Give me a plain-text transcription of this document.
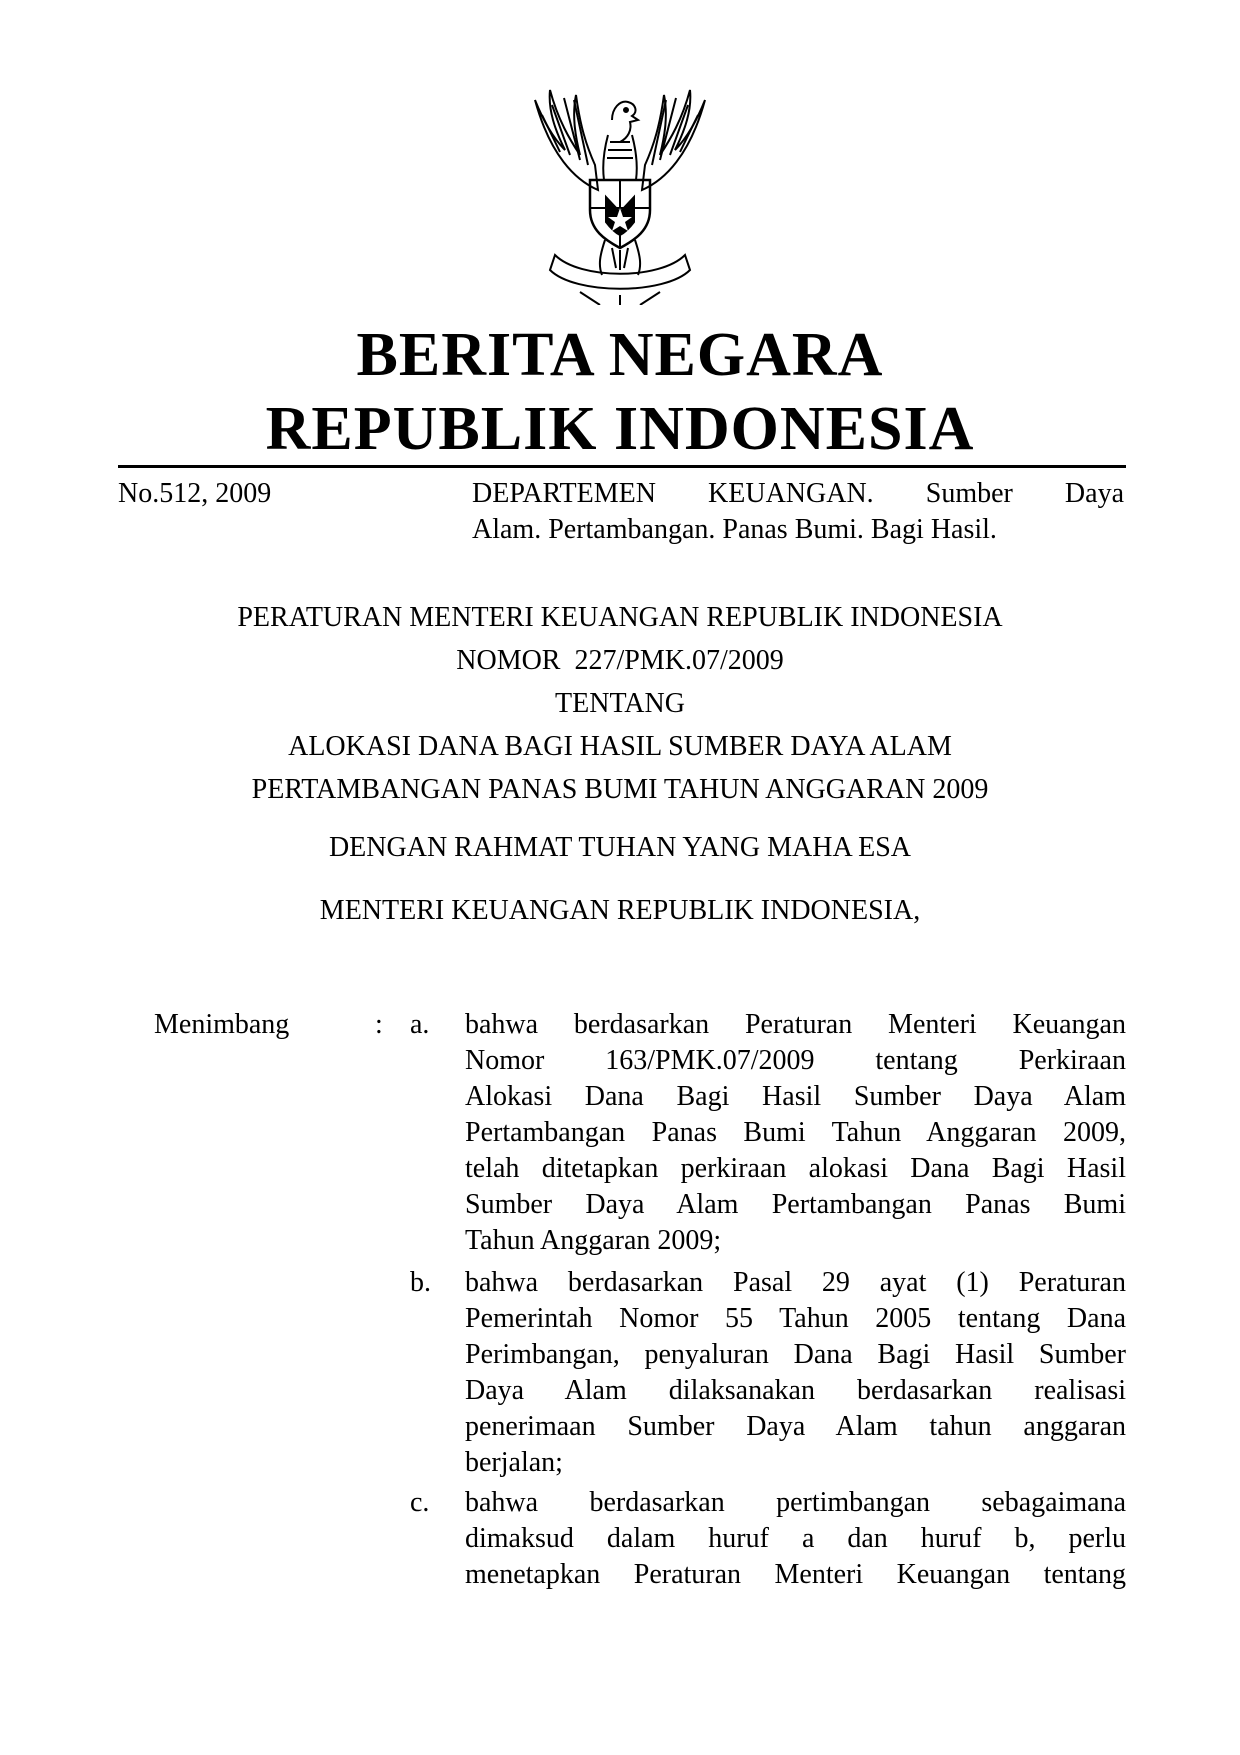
BERITA NEGARA
REPUBLIK INDONESIA
No.512, 2009	DEPARTEMEN KEUANGAN. Sumber Daya
Alam. Pertambangan. Panas Bumi. Bagi Hasil.
PERATURAN MENTERI KEUANGAN REPUBLIK INDONESIA
NOMOR  227/PMK.07/2009
TENTANG
ALOKASI DANA BAGI HASIL SUMBER DAYA ALAM
PERTAMBANGAN PANAS BUMI TAHUN ANGGARAN 2009
DENGAN RAHMAT TUHAN YANG MAHA ESA
MENTERI KEUANGAN REPUBLIK INDONESIA,
Menimbang	: a. bahwa berdasarkan Peraturan Menteri Keuangan
Nomor 163/PMK.07/2009 tentang Perkiraan
Alokasi Dana Bagi Hasil Sumber Daya Alam
Pertambangan Panas Bumi Tahun Anggaran 2009,
telah ditetapkan perkiraan alokasi Dana Bagi Hasil
Sumber Daya Alam Pertambangan Panas Bumi
Tahun Anggaran 2009;
b. bahwa berdasarkan Pasal 29 ayat (1) Peraturan
Pemerintah Nomor 55 Tahun 2005 tentang Dana
Perimbangan, penyaluran Dana Bagi Hasil Sumber
Daya Alam dilaksanakan berdasarkan realisasi
penerimaan Sumber Daya Alam tahun anggaran
berjalan;
c. bahwa berdasarkan pertimbangan sebagaimana
dimaksud dalam huruf a dan huruf b, perlu
menetapkan Peraturan Menteri Keuangan tentang
